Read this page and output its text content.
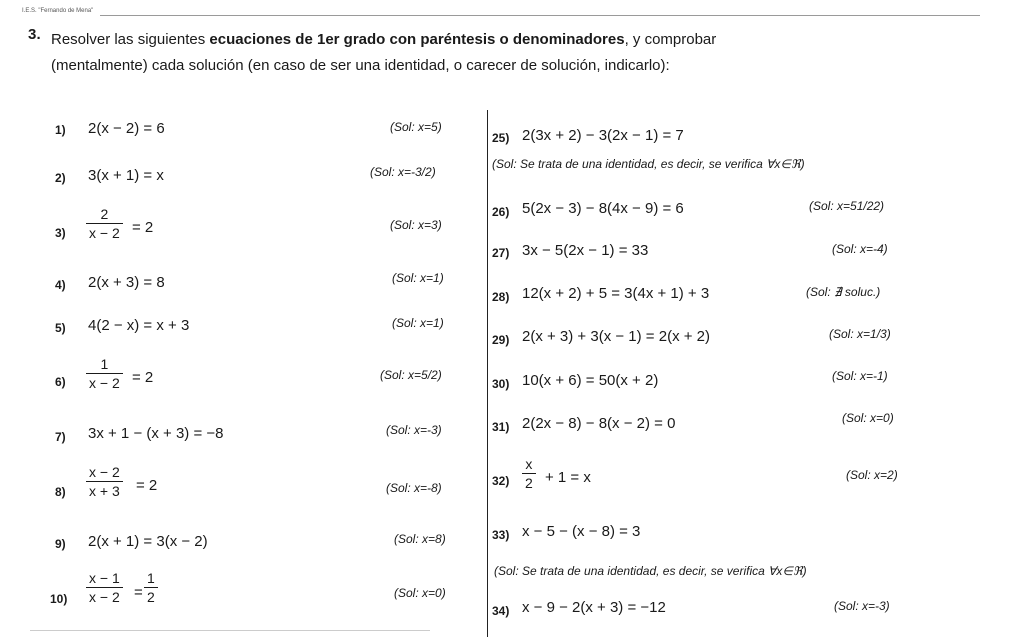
I.E.S. "Fernando de Mena"
3. Resolver las siguientes ecuaciones de 1er grado con paréntesis o denominadores, y comprobar
(mentalmente) cada solución (en caso de ser una identidad, o carecer de solución, indicarlo):
1) 2(x − 2) = 6	(Sol: x=5)
2) 3(x + 1) = x	(Sol: x=-3/2)
3)
2
x − 2 = 2	(Sol: x=3)
4) 2(x + 3) = 8	(Sol: x=1)
5) 4(2 − x) = x + 3	(Sol: x=1)
6)
1
x − 2 = 2	(Sol: x=5/2)
7) 3x + 1 − (x + 3) = −8	(Sol: x=-3)
8)
x − 2
x + 3 = 2	(Sol: x=-8)
9) 2(x + 1) = 3(x − 2)	(Sol: x=8)
10)
x − 1
x − 2 =
1
2	(Sol: x=0)
25) 2(3x + 2) − 3(2x − 1) = 7
(Sol: Se trata de una identidad, es decir, se verifica ∀x∈ℜ)
26) 5(2x − 3) − 8(4x − 9) = 6	(Sol: x=51/22)
27) 3x − 5(2x − 1) = 33	(Sol: x=-4)
28) 12(x + 2) + 5 = 3(4x + 1) + 3	(Sol: ∄ soluc.)
29) 2(x + 3) + 3(x − 1) = 2(x + 2)	(Sol: x=1/3)
30) 10(x + 6) = 50(x + 2)	(Sol: x=-1)
31) 2(2x − 8) − 8(x − 2) = 0	(Sol: x=0)
32)
x
2 + 1 = x	(Sol: x=2)
33) x − 5 − (x − 8) = 3
(Sol: Se trata de una identidad, es decir, se verifica ∀x∈ℜ)
34) x − 9 − 2(x + 3) = −12	(Sol: x=-3)
